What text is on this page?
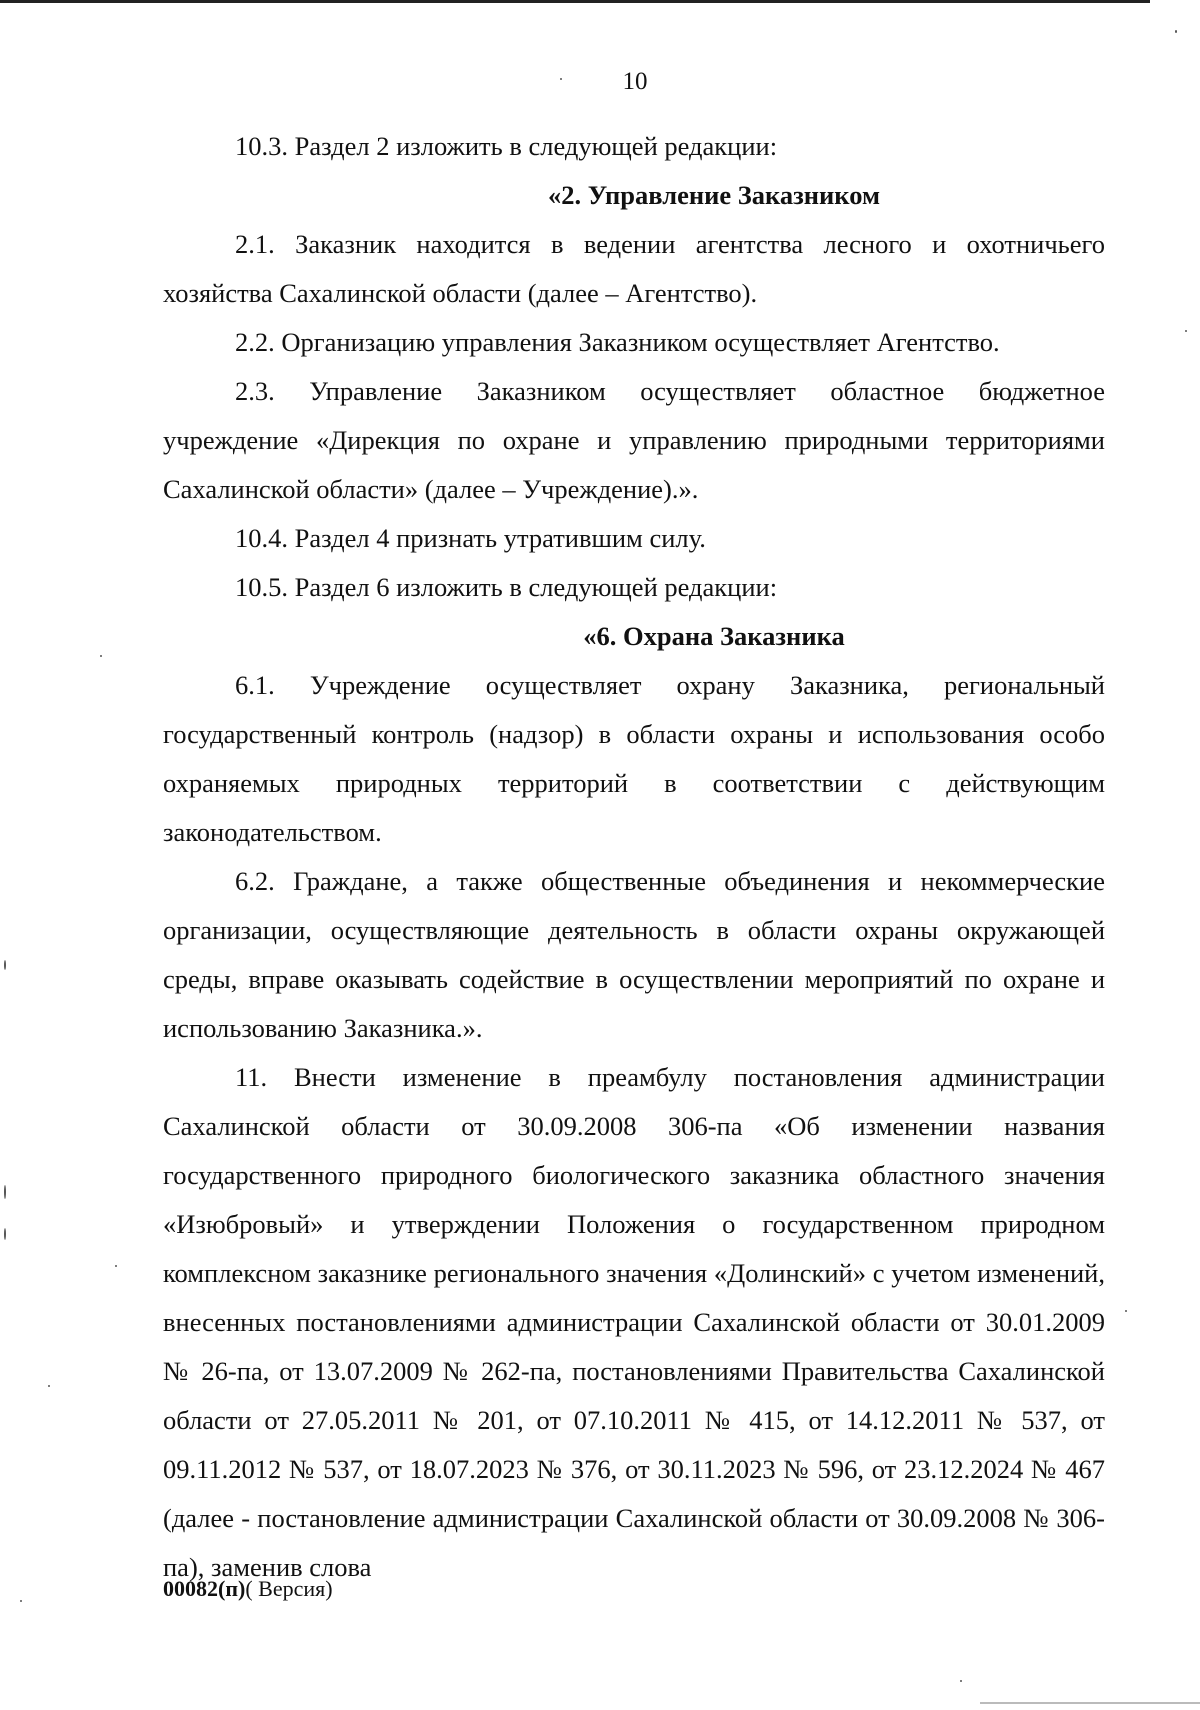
10

10.3. Раздел 2 изложить в следующей редакции:

«2. Управление Заказником

2.1. Заказник находится в ведении агентства лесного и охотничьего хозяйства Сахалинской области (далее – Агентство).

2.2. Организацию управления Заказником осуществляет Агентство.

2.3. Управление Заказником осуществляет областное бюджетное учреждение «Дирекция по охране и управлению природными территориями Сахалинской области» (далее – Учреждение).».

10.4. Раздел 4 признать утратившим силу.

10.5. Раздел 6 изложить в следующей редакции:

«6. Охрана Заказника

6.1. Учреждение осуществляет охрану Заказника, региональный государственный контроль (надзор) в области охраны и использования особо охраняемых природных территорий в соответствии с действующим законодательством.

6.2. Граждане, а также общественные объединения и некоммерческие организации, осуществляющие деятельность в области охраны окружающей среды, вправе оказывать содействие в осуществлении мероприятий по охране и использованию Заказника.».

11. Внести изменение в преамбулу постановления администрации Сахалинской области от 30.09.2008 306-па «Об изменении названия государственного природного биологического заказника областного значения «Изюбровый» и утверждении Положения о государственном природном комплексном заказнике регионального значения «Долинский» с учетом изменений, внесенных постановлениями администрации Сахалинской области от 30.01.2009 № 26-па, от 13.07.2009 № 262-па, постановлениями Правительства Сахалинской области от 27.05.2011 № 201, от 07.10.2011 № 415, от 14.12.2011 № 537, от 09.11.2012 № 537, от 18.07.2023 № 376, от 30.11.2023 № 596, от 23.12.2024 № 467 (далее - постановление администрации Сахалинской области от 30.09.2008 № 306-па), заменив слова

00082(п)( Версия)
